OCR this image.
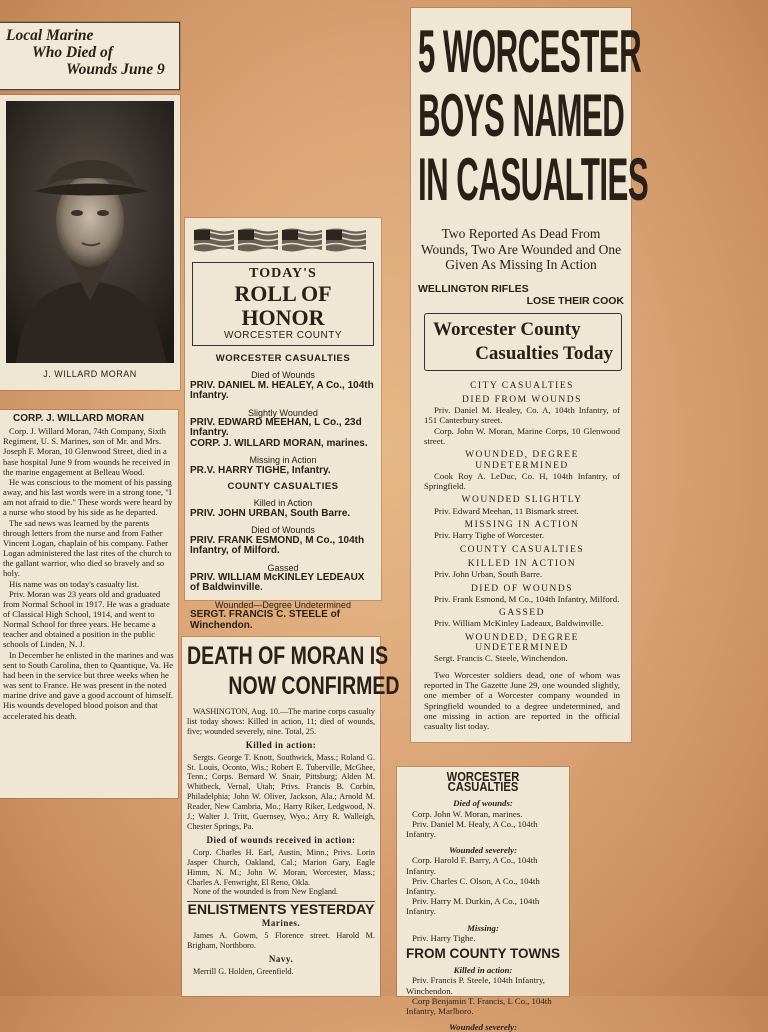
Local Marine
Who Died of
Wounds June 9
J. WILLARD MORAN
CORP. J. WILLARD MORAN

Corp. J. Willard Moran, 74th Company, Sixth Regiment, U. S. Marines, son of Mr. and Mrs. Joseph F. Moran, 10 Glenwood Street, died in a base hospital June 9 from wounds he received in the marine engagement at Belleau Wood.

He was conscious to the moment of his passing away, and his last words were in a strong tone, "I am not afraid to die." These words were heard by a nurse who stood by his side as he departed.

The sad news was learned by the parents through letters from the nurse and from Father Vincent Logan, chaplain of his company. Father Logan administered the last rites of the church to the gallant warrior, who died so bravely and so holy.

His name was on today's casualty list.

Priv. Moran was 23 years old and graduated from Normal School in 1917. He was a graduate of Classical High School, 1914, and went to Normal School for three years. He became a teacher and obtained a position in the public schools of Linden, N. J.

In December he enlisted in the marines and was sent to South Carolina, then to Quantique, Va. He had been in the service but three weeks when he was sent to France. He was present in the noted marine drive and gave a good account of himself. His wounds developed blood poison and that accelerated his death.

TODAY'S
ROLL OF HONOR
WORCESTER COUNTY
WORCESTER CASUALTIES
Died of Wounds
PRIV. DANIEL M. HEALEY, A Co., 104th Infantry.
Slightly Wounded
PRIV. EDWARD MEEHAN, L Co., 23d Infantry.
CORP. J. WILLARD MORAN, marines.
Missing in Action
PR.V. HARRY TIGHE, Infantry.
COUNTY CASUALTIES
Killed in Action
PRIV. JOHN URBAN, South Barre.
Died of Wounds
PRIV. FRANK ESMOND, M Co., 104th Infantry, of Milford.
Gassed
PRIV. WILLIAM McKINLEY LEDEAUX of Baldwinville.
Wounded—Degree Undetermined
SERGT. FRANCIS C. STEELE of Winchendon.
DEATH OF MORAN IS
NOW CONFIRMED

WASHINGTON, Aug. 10.—The marine corps casualty list today shows: Killed in action, 11; died of wounds, five; wounded severely, nine. Total, 25.

Killed in action:

Sergts. George T. Knott, Southwick, Mass.; Roland G. St. Louis, Oconto, Wis.; Robert E. Tuberville, McGhee, Tenn.; Corps. Bernard W. Snair, Pittsburg; Alden M. Whitbeck, Vernal, Utah; Privs. Francis B. Corbin, Philadelphia; John W. Oliver, Jackson, Ala.; Arnold M. Reader, New Cambria, Mo.; Harry Riker, Ledgwood, N. J.; Walter J. Tritt, Guernsey, Wyo.; Arry R. Walleigh, Chester Springs, Pa.

Died of wounds received in action:

Corp. Charles H. Earl, Austin, Minn.; Privs. Lorin Jasper Church, Oakland, Cal.; Marion Gary, Eagle Himm, N. M.; John W. Moran, Worcester, Mass.; Charles A. Fenwright, El Reno, Okla.

None of the wounded is from New England.

ENLISTMENTS YESTERDAY
Marines.

James A. Gowm, 5 Florence street. Harold M. Brigham, Northboro.

Navy.

Merrill G. Holden, Greenfield.

5 WORCESTER
BOYS NAMED
IN CASUALTIES
Two Reported As Dead From Wounds, Two Are Wounded and One Given As Missing In Action
WELLINGTON RIFLES
LOSE THEIR COOK
Worcester County
Casualties Today
CITY CASUALTIES
DIED FROM WOUNDS

Priv. Daniel M. Healey, Co. A, 104th Infantry, of 151 Canterbury street.

Corp. John W. Moran, Marine Corps, 10 Glenwood street.

WOUNDED, DEGREE UNDETERMINED

Cook Roy A. LeDuc, Co. H, 104th Infantry, of Springfield.

WOUNDED SLIGHTLY

Priv. Edward Meehan, 11 Bismark street.

MISSING IN ACTION

Priv. Harry Tighe of Worcester.

COUNTY CASUALTIES
KILLED IN ACTION

Priv. John Urban, South Barre.

DIED OF WOUNDS

Priv. Frank Esmond, M Co., 104th Infantry, Milford.

GASSED

Priv. William McKinley Ladeaux, Baldwinville.

WOUNDED, DEGREE UNDETERMINED

Sergt. Francis C. Steele, Winchendon.

Two Worcester soldiers dead, one of whom was reported in The Gazette June 29, one wounded slightly, one member of a Worcester company wounded in Springfield wounded to a degree undetermined, and one missing in action are reported in the official casualty list today.

WORCESTER CASUALTIES
Died of wounds:

Corp. John W. Moran, marines.

Priv. Daniel M. Healy, A Co., 104th Infantry.

Wounded severely:

Corp. Harold F. Barry, A Co., 104th Infantry.

Priv. Charles C. Olson, A Co., 104th Infantry.

Priv. Harry M. Durkin, A Co., 104th Infantry.

Missing:

Priv. Harry Tighe.

FROM COUNTY TOWNS
Killed in action:

Priv. Francis P. Steele, 104th Infantry, Winchendon.

Corp Benjamin T. Francis, L Co., 104th Infantry, Marlboro.

Wounded severely:
